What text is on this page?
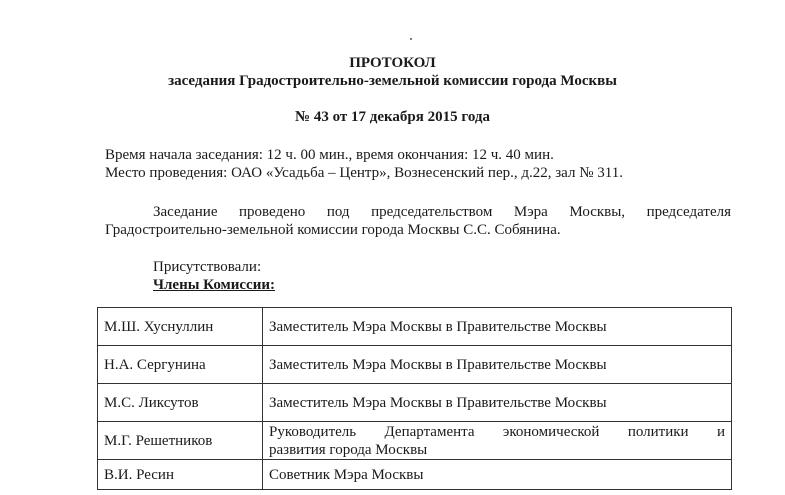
ПРОТОКОЛ
заседания Градостроительно-земельной комиссии города Москвы
№ 43 от 17 декабря 2015 года
Время начала заседания: 12 ч. 00 мин., время окончания: 12 ч. 40 мин.
Место проведения: ОАО «Усадьба – Центр», Вознесенский пер., д.22, зал № 311.
Заседание проведено под председательством Мэра Москвы, председателя
Градостроительно-земельной комиссии города Москвы С.С. Собянина.
Присутствовали:
Члены Комиссии:
М.Ш. Хуснуллин	Заместитель Мэра Москвы в Правительстве Москвы
Н.А. Сергунина	Заместитель Мэра Москвы в Правительстве Москвы
М.С. Ликсутов	Заместитель Мэра Москвы в Правительстве Москвы
М.Г. Решетников	Руководитель Департамента экономической политики и
развития города Москвы

В.И. Ресин	Советник Мэра Москвы
